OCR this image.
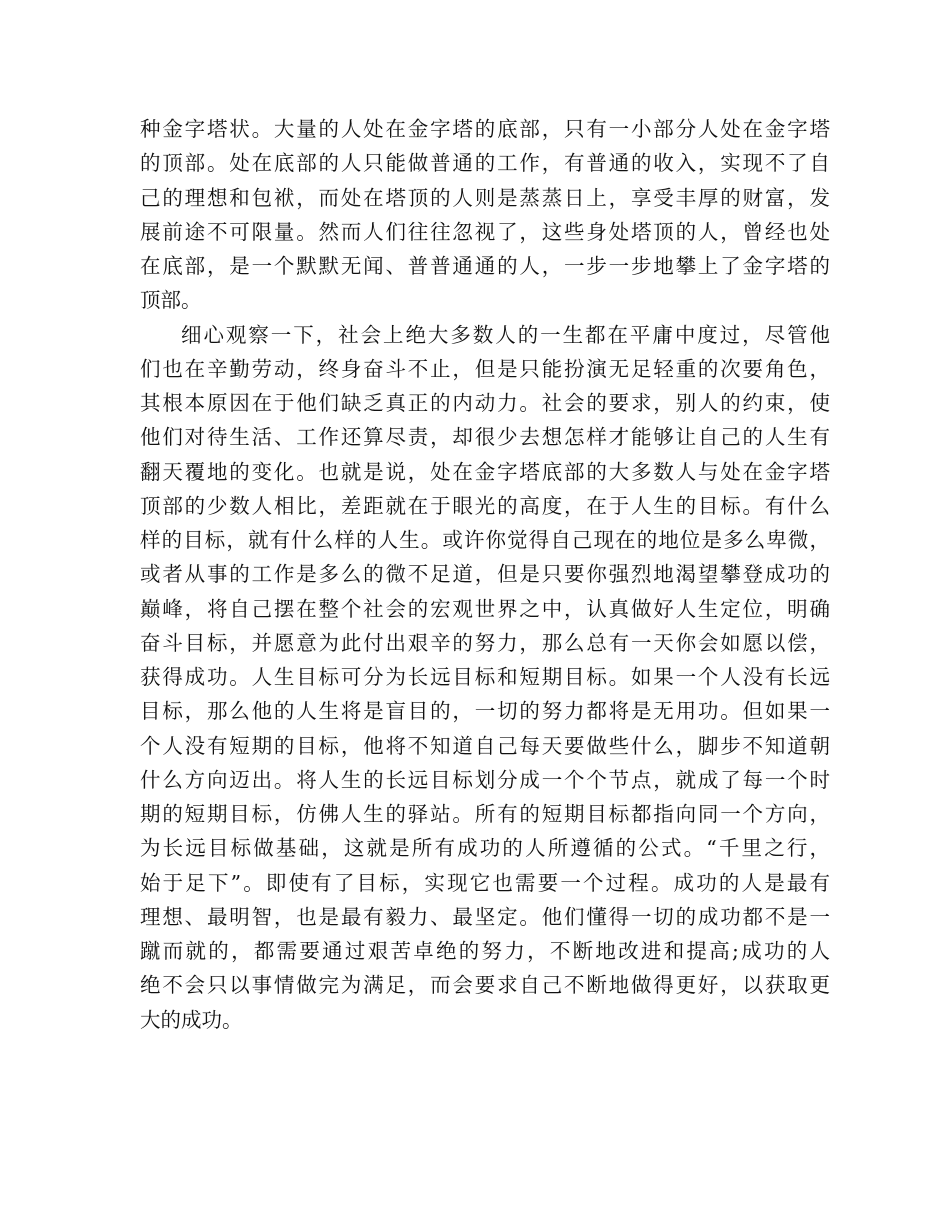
种金字塔状。大量的人处在金字塔的底部，只有一小部分人处在金字塔
的顶部。处在底部的人只能做普通的工作，有普通的收入，实现不了自
己的理想和包袱，而处在塔顶的人则是蒸蒸日上，享受丰厚的财富，发
展前途不可限量。然而人们往往忽视了，这些身处塔顶的人，曾经也处
在底部，是一个默默无闻、普普通通的人，一步一步地攀上了金字塔的
顶部。
细心观察一下，社会上绝大多数人的一生都在平庸中度过，尽管他
们也在辛勤劳动，终身奋斗不止，但是只能扮演无足轻重的次要角色，
其根本原因在于他们缺乏真正的内动力。社会的要求，别人的约束，使
他们对待生活、工作还算尽责，却很少去想怎样才能够让自己的人生有
翻天覆地的变化。也就是说，处在金字塔底部的大多数人与处在金字塔
顶部的少数人相比，差距就在于眼光的高度，在于人生的目标。有什么
样的目标，就有什么样的人生。或许你觉得自己现在的地位是多么卑微，
或者从事的工作是多么的微不足道，但是只要你强烈地渴望攀登成功的
巅峰，将自己摆在整个社会的宏观世界之中，认真做好人生定位，明确
奋斗目标，并愿意为此付出艰辛的努力，那么总有一天你会如愿以偿，
获得成功。人生目标可分为长远目标和短期目标。如果一个人没有长远
目标，那么他的人生将是盲目的，一切的努力都将是无用功。但如果一
个人没有短期的目标，他将不知道自己每天要做些什么，脚步不知道朝
什么方向迈出。将人生的长远目标划分成一个个节点，就成了每一个时
期的短期目标，仿佛人生的驿站。所有的短期目标都指向同一个方向，
为长远目标做基础，这就是所有成功的人所遵循的公式。“千里之行，
始于足下”。即使有了目标，实现它也需要一个过程。成功的人是最有
理想、最明智，也是最有毅力、最坚定。他们懂得一切的成功都不是一
蹴而就的，都需要通过艰苦卓绝的努力，不断地改进和提高;成功的人
绝不会只以事情做完为满足，而会要求自己不断地做得更好，以获取更
大的成功。
